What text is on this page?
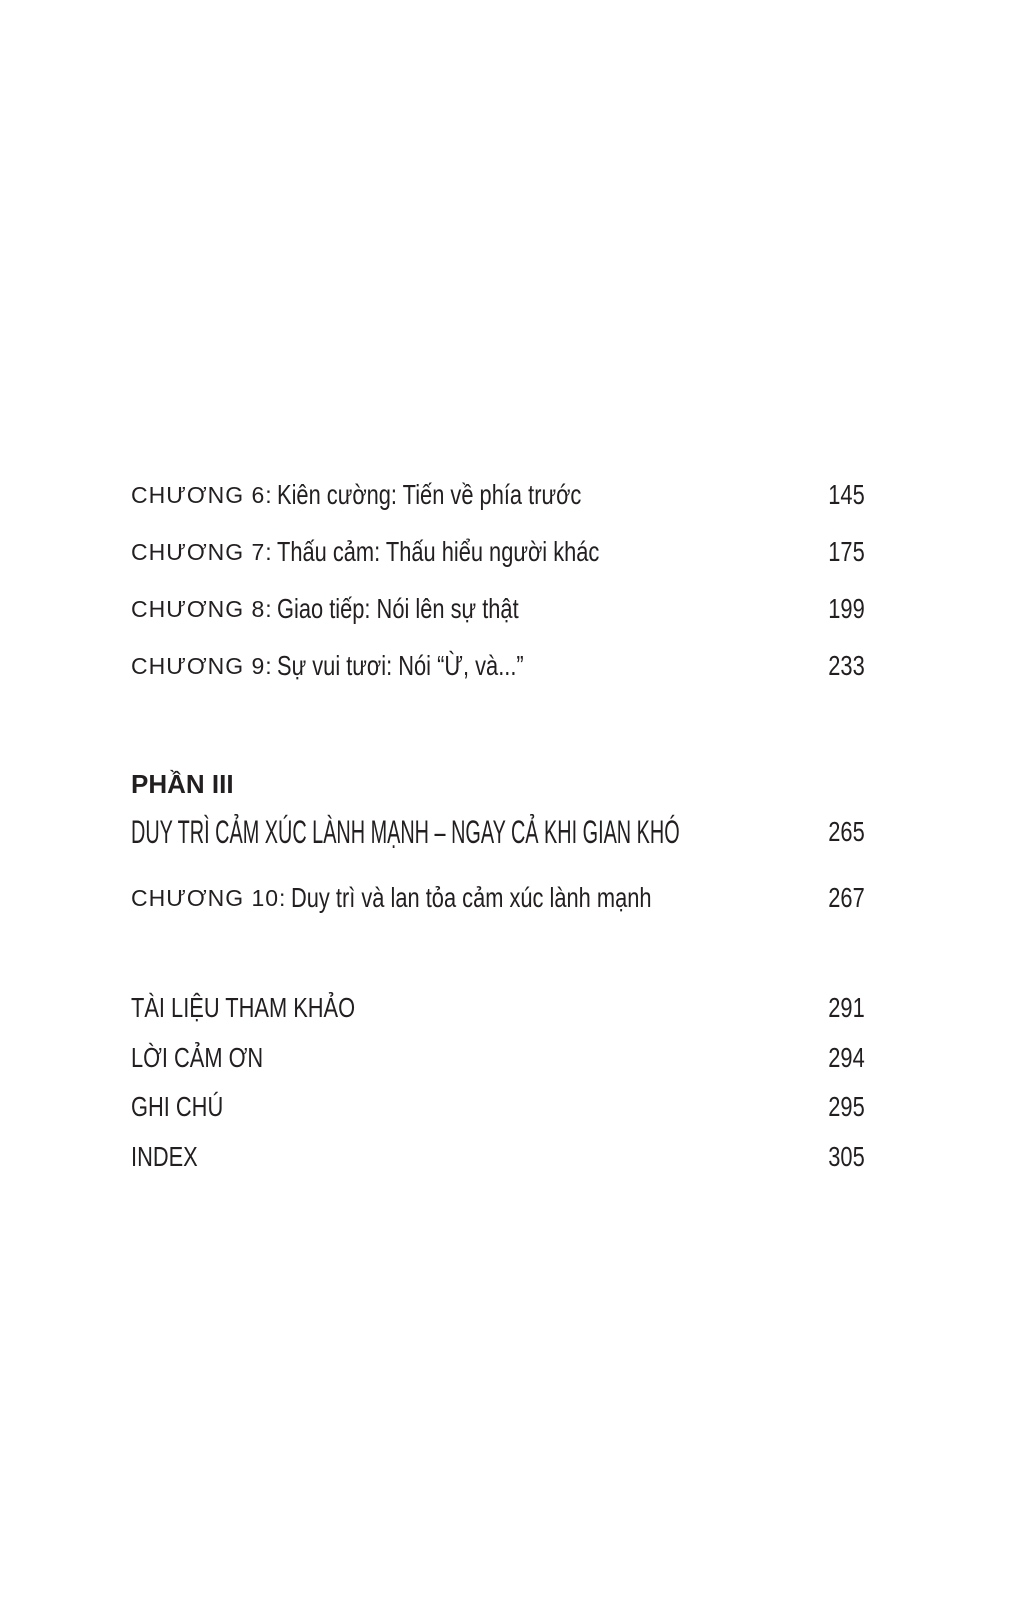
CHƯƠNG 6: Kiên cường: Tiến về phía trước	145
CHƯƠNG 7: Thấu cảm: Thấu hiểu người khác	175
CHƯƠNG 8: Giao tiếp: Nói lên sự thật	199
CHƯƠNG 9: Sự vui tươi: Nói “Ừ, và...”	233
PHẦN III
DUY TRÌ CẢM XÚC LÀNH MẠNH – NGAY CẢ KHI GIAN KHÓ	265
CHƯƠNG 10: Duy trì và lan tỏa cảm xúc lành mạnh	267
TÀI LIỆU THAM KHẢO	291
LỜI CẢM ƠN	294
GHI CHÚ	295
INDEX	305
